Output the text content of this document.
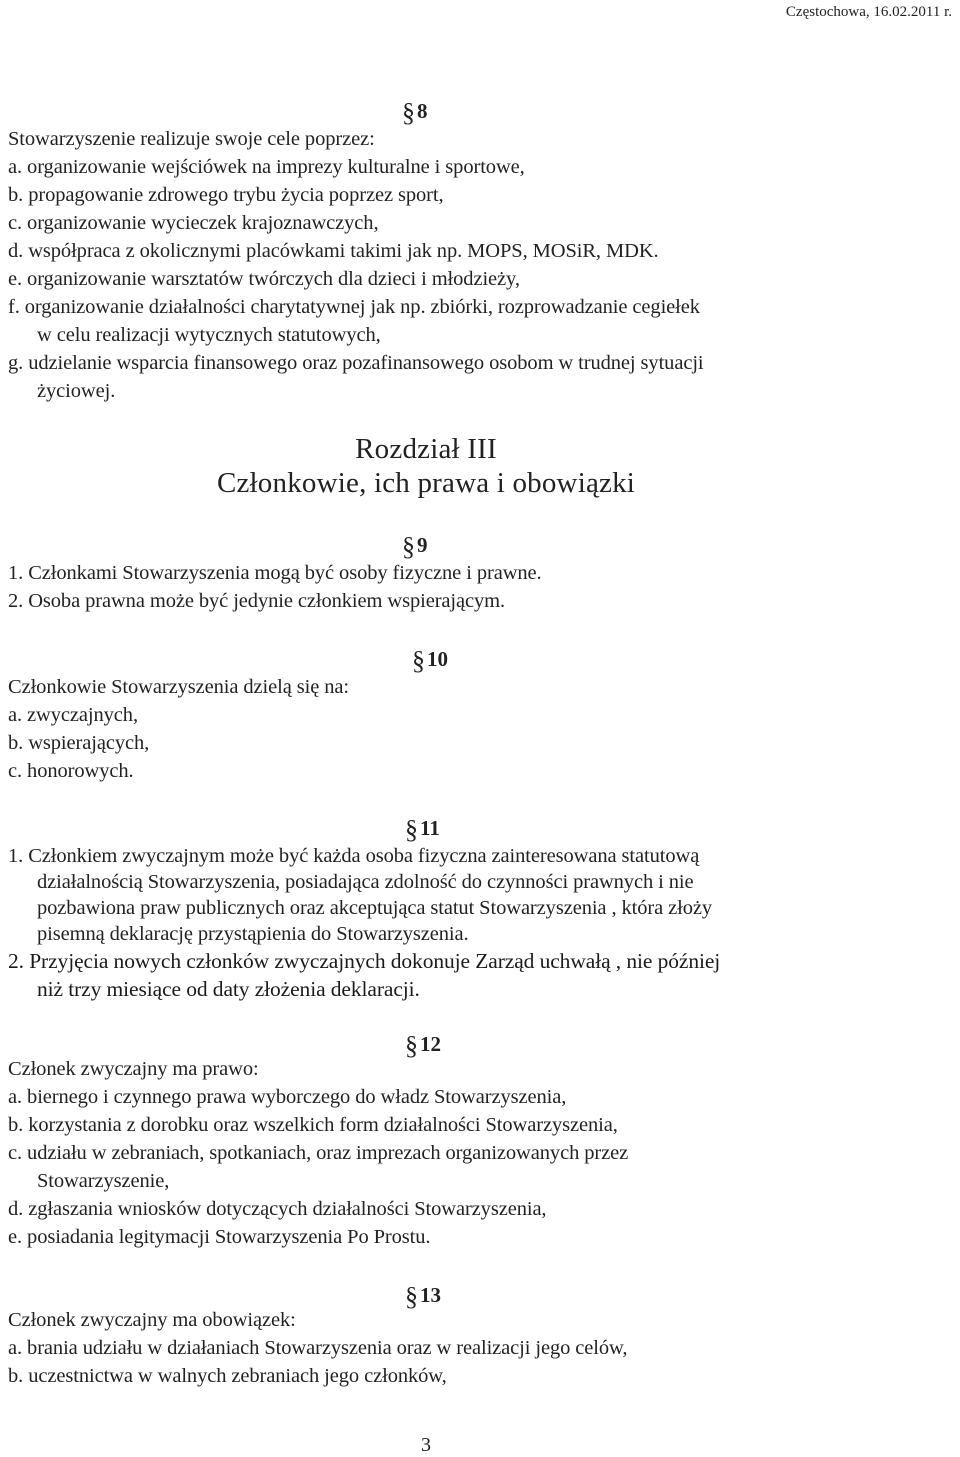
Częstochowa, 16.02.2011 r.
§8
Stowarzyszenie realizuje swoje cele poprzez:
a. organizowanie wejściówek na imprezy kulturalne i sportowe,
b. propagowanie zdrowego trybu życia poprzez sport,
c. organizowanie wycieczek krajoznawczych,
d. współpraca z okolicznymi placówkami takimi jak np. MOPS, MOSiR, MDK.
e. organizowanie warsztatów twórczych dla dzieci i młodzieży,
f. organizowanie działalności charytatywnej jak np. zbiórki, rozprowadzanie cegiełek
w celu realizacji wytycznych statutowych,
g. udzielanie wsparcia finansowego oraz pozafinansowego osobom w trudnej sytuacji
życiowej.
Rozdział III
Członkowie, ich prawa i obowiązki
§9
1. Członkami Stowarzyszenia mogą być osoby fizyczne i prawne.
2. Osoba prawna może być jedynie członkiem wspierającym.
§10
Członkowie Stowarzyszenia dzielą się na:
a. zwyczajnych,
b. wspierających,
c. honorowych.
§11
1. Członkiem zwyczajnym może być każda osoba fizyczna zainteresowana statutową
działalnością Stowarzyszenia, posiadająca zdolność do czynności prawnych i nie
pozbawiona praw publicznych oraz akceptująca statut Stowarzyszenia , która złoży
pisemną deklarację przystąpienia do Stowarzyszenia.
2. Przyjęcia nowych członków zwyczajnych dokonuje Zarząd uchwałą , nie później
niż trzy miesiące od daty złożenia deklaracji.
§12
Członek zwyczajny ma prawo:
a. biernego i czynnego prawa wyborczego do władz Stowarzyszenia,
b. korzystania z dorobku oraz wszelkich form działalności Stowarzyszenia,
c. udziału w zebraniach, spotkaniach, oraz imprezach organizowanych przez
Stowarzyszenie,
d. zgłaszania wniosków dotyczących działalności Stowarzyszenia,
e. posiadania legitymacji Stowarzyszenia Po Prostu.
§13
Członek zwyczajny ma obowiązek:
a. brania udziału w działaniach Stowarzyszenia oraz w realizacji jego celów,
b. uczestnictwa w walnych zebraniach jego członków,
3
